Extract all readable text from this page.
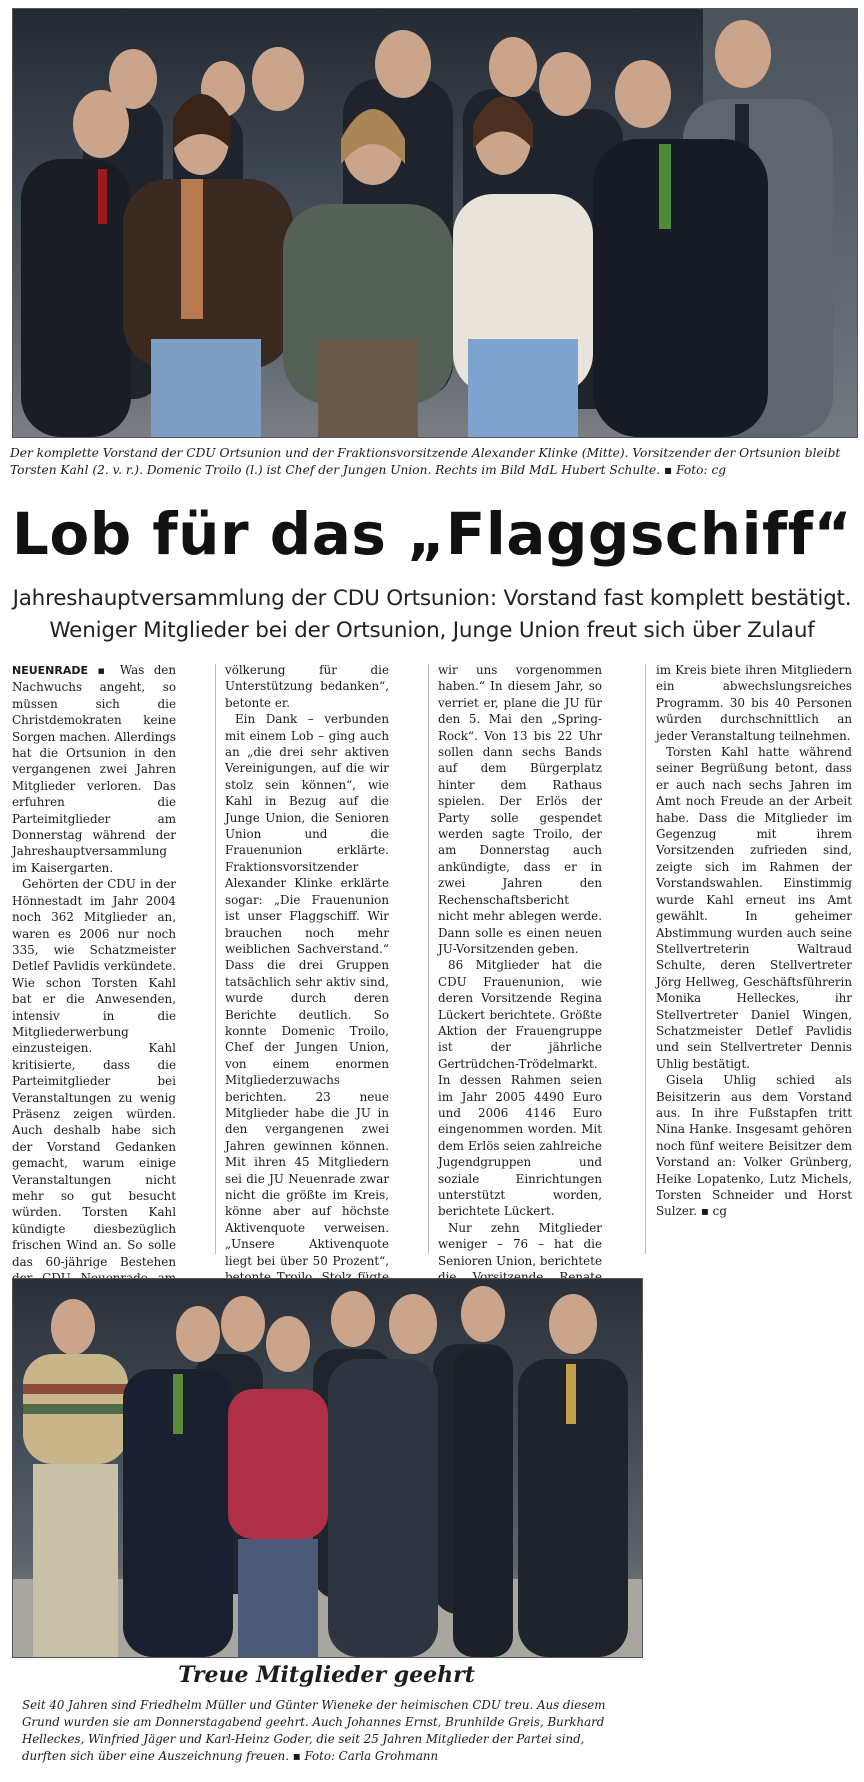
Der komplette Vorstand der CDU Ortsunion und der Fraktionsvorsitzende Alexander Klinke (Mitte). Vorsitzender der Ortsunion bleibt Torsten Kahl (2. v. r.). Domenic Troilo (l.) ist Chef der Jungen Union. Rechts im Bild MdL Hubert Schulte. ▪ Foto: cg
Lob für das „Flaggschiff“
Jahreshauptversammlung der CDU Ortsunion: Vorstand fast komplett bestätigt.
Weniger Mitglieder bei der Ortsunion, Junge Union freut sich über Zulauf

NEUENRADE ▪ Was den Nachwuchs angeht, so müssen sich die Christdemokraten keine Sorgen machen. Allerdings hat die Ortsunion in den vergangenen zwei Jahren Mitglieder verloren. Das erfuhren die Parteimitglieder am Donnerstag während der Jahreshauptversammlung im Kaisergarten.

Gehörten der CDU in der Hönnestadt im Jahr 2004 noch 362 Mitglieder an, waren es 2006 nur noch 335, wie Schatzmeister Detlef Pavlidis verkündete. Wie schon Torsten Kahl bat er die Anwesenden, intensiv in die Mitgliederwerbung einzusteigen. Kahl kritisierte, dass die Parteimitglieder bei Veranstaltungen zu wenig Präsenz zeigen würden. Auch deshalb habe sich der Vorstand Gedanken gemacht, warum einige Veranstaltungen nicht mehr so gut besucht würden. Torsten Kahl kündigte diesbezüglich frischen Wind an. So solle das 60-jährige Bestehen

völkerung für die Unterstützung bedanken“, betonte er.

Ein Dank – verbunden mit einem Lob – ging auch an „die drei sehr aktiven Vereinigungen, auf die wir stolz sein können“, wie Kahl in Bezug auf die Junge Union, die Senioren Union und die Frauenunion erklärte. Fraktionsvorsitzender Alexander Klinke erklärte sogar: „Die Frauenunion ist unser Flaggschiff. Wir brauchen noch mehr weiblichen Sachverstand.“ Dass die drei Gruppen tatsächlich sehr aktiv sind, wurde durch deren Berichte deutlich. So konnte Domenic Troilo, Chef der Jungen Union, von einem enormen Mitgliederzuwachs berichten. 23 neue Mitglieder habe die JU in den vergangenen zwei Jahren gewinnen können. Mit ihren 45 Mitgliedern sei die JU Neuenrade zwar nicht die größte im Kreis, könne aber auf höchste Aktivenquote verweisen. „Unsere Aktivenquote liegt bei über 50 Prozent“,

wir uns vorgenommen haben.“ In diesem Jahr, so verriet er, plane die JU für den 5. Mai den „Spring-Rock“. Von 13 bis 22 Uhr sollen dann sechs Bands auf dem Bürgerplatz hinter dem Rathaus spielen. Der Erlös der Party solle gespendet werden sagte Troilo, der am Donnerstag auch ankündigte, dass er in zwei Jahren den Rechenschaftsbericht nicht mehr ablegen werde. Dann solle es einen neuen JU-Vorsitzenden geben.

86 Mitglieder hat die CDU Frauenunion, wie deren Vorsitzende Regina Lückert berichtete. Größte Aktion der Frauengruppe ist der jährliche Gertrüdchen-Trödelmarkt. In dessen Rahmen seien im Jahr 2005 4490 Euro und 2006 4146 Euro eingenommen worden. Mit dem Erlös seien zahlreiche Jugendgruppen und soziale Einrichtungen unterstützt worden, berichtete Lückert.

Nur zehn Mitglieder weniger – 76 – hat die Senioren Union, berichtete

im Kreis biete ihren Mitgliedern ein abwechslungsreiches Programm. 30 bis 40 Personen würden durchschnittlich an jeder Veranstaltung teilnehmen.

Torsten Kahl hatte während seiner Begrüßung betont, dass er auch nach sechs Jahren im Amt noch Freude an der Arbeit habe. Dass die Mitglieder im Gegenzug mit ihrem Vorsitzenden zufrieden sind, zeigte sich im Rahmen der Vorstandswahlen. Einstimmig wurde Kahl erneut ins Amt gewählt. In geheimer Abstimmung wurden auch seine Stellvertreterin Waltraud Schulte, deren Stellvertreter Jörg Hellweg, Geschäftsführerin Monika Helleckes, ihr Stellvertreter Daniel Wingen, Schatzmeister Detlef Pavlidis und sein Stellvertreter Dennis Uhlig bestätigt.

Gisela Uhlig schied als Beisitzerin aus dem Vorstand aus. In ihre Fußstapfen tritt Nina Hanke. Insgesamt gehören noch fünf weitere Beisitzer dem Vorstand an: Volker Grünberg, Heike Lopatenko, Lutz Michels, Torsten Schneider und Horst Sulzer. ▪ cg

Treue Mitglieder geehrt
Seit 40 Jahren sind Friedhelm Müller und Günter Wieneke der heimischen CDU treu. Aus diesem Grund wurden sie am Donnerstagabend geehrt. Auch Johannes Ernst, Brunhilde Greis, Burkhard Helleckes, Winfried Jäger und Karl-Heinz Goder, die seit 25 Jahren Mitglieder der Partei sind, durften sich über eine Auszeichnung freuen. ▪ Foto: Carla Grohmann
